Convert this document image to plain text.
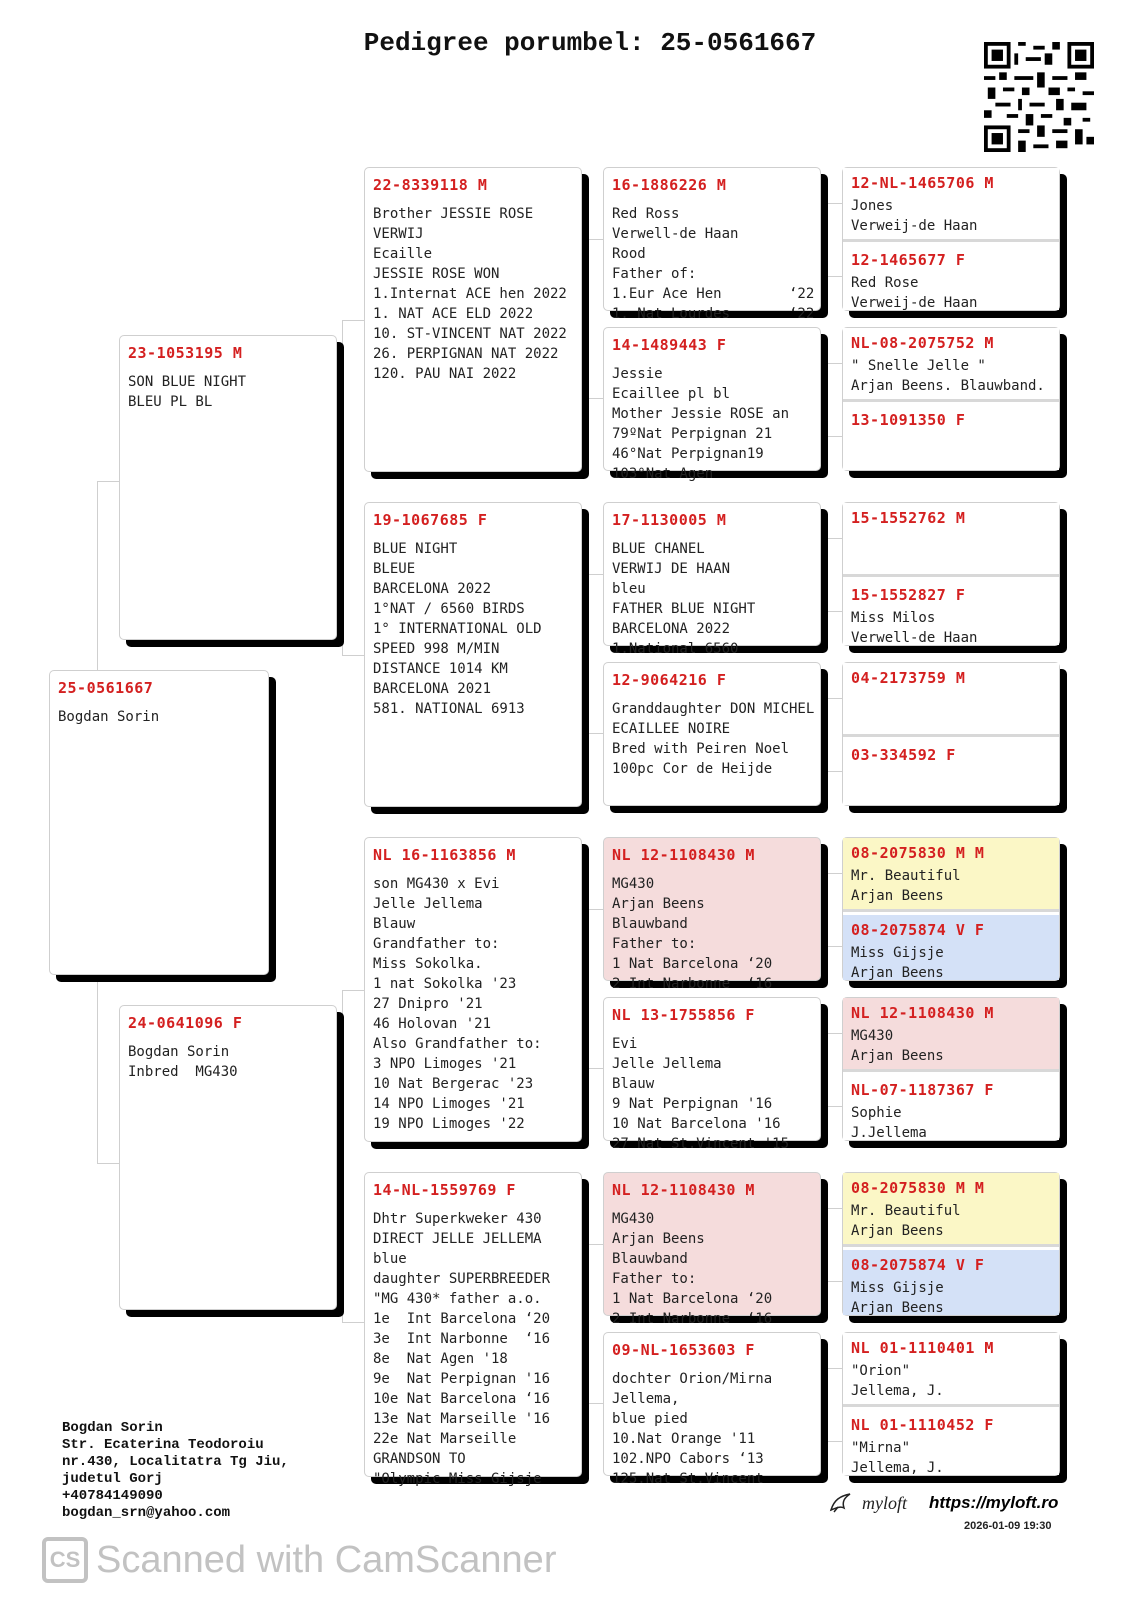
Pedigree porumbel: 25-0561667
25-0561667
Bogdan Sorin
23-1053195 M
SON BLUE NIGHT
BLEU PL BL
24-0641096 F
Bogdan Sorin
Inbred  MG430
22-8339118 M
Brother JESSIE ROSE
VERWIJ
Ecaille
JESSIE ROSE WON
1.Internat ACE hen 2022
1. NAT ACE ELD 2022
10. ST-VINCENT NAT 2022
26. PERPIGNAN NAT 2022
120. PAU NAI 2022
19-1067685 F
BLUE NIGHT
BLEUE
BARCELONA 2022
1°NAT / 6560 BIRDS
1° INTERNATIONAL OLD
SPEED 998 M/MIN
DISTANCE 1014 KM
BARCELONA 2021
581. NATIONAL 6913
NL 16-1163856 M
son MG430 x Evi
Jelle Jellema
Blauw
Grandfather to:
Miss Sokolka.
1 nat Sokolka '23
27 Dnipro '21
46 Holovan '21
Also Grandfather to:
3 NPO Limoges '21
10 Nat Bergerac '23
14 NPO Limoges '21
19 NPO Limoges '22
14-NL-1559769 F
Dhtr Superkweker 430
DIRECT JELLE JELLEMA
blue
daughter SUPERBREEDER
"MG 430* father a.o.
1e  Int Barcelona ‘20
3e  Int Narbonne  ‘16
8e  Nat Agen '18
9e  Nat Perpignan '16
10e Nat Barcelona ‘16
13e Nat Marseille '16
22e Nat Marseille
GRANDSON TO
"Olympic Miss Gijsje
16-1886226 M
Red Ross
Verwell-de Haan
Rood
Father of:
1.Eur Ace Hen        ‘22
1. Nat Lourdes       ‘22
14-1489443 F
Jessie
Ecaillee pl bl
Mother Jessie ROSE an
79ºNat Perpignan 21
46°Nat Perpignan19
103°Nat Agen
17-1130005 M
BLUE CHANEL
VERWIJ DE HAAN
bleu
FATHER BLUE NIGHT
BARCELONA 2022
1.National 6560
12-9064216 F
Granddaughter DON MICHEL
ECAILLEE NOIRE
Bred with Peiren Noel
100pc Cor de Heijde
NL 12-1108430 M
MG430
Arjan Beens
Blauwband
Father to:
1 Nat Barcelona ‘20
2 Int Narbonne  ‘16
NL 13-1755856 F
Evi
Jelle Jellema
Blauw
9 Nat Perpignan '16
10 Nat Barcelona '16
27 Nat St.Vincent '15
NL 12-1108430 M
MG430
Arjan Beens
Blauwband
Father to:
1 Nat Barcelona ‘20
2 Int Narbonne  ‘16
09-NL-1653603 F
dochter Orion/Mirna
Jellema,
blue pied
10.Nat Orange '11
102.NPO Cabors ‘13
125.Nat St.Vincent
12-NL-1465706 M
Jones
Verweij-de Haan
12-1465677 F
Red Rose
Verweij-de Haan
NL-08-2075752 M
" Snelle Jelle "
Arjan Beens. Blauwband.
13-1091350 F
15-1552762 M
15-1552827 F
Miss Milos
Verwell-de Haan
04-2173759 M
03-334592 F
08-2075830 M M
Mr. Beautiful
Arjan Beens
08-2075874 V F
Miss Gijsje
Arjan Beens
NL 12-1108430 M
MG430
Arjan Beens
NL-07-1187367 F
Sophie
J.Jellema
08-2075830 M M
Mr. Beautiful
Arjan Beens
08-2075874 V F
Miss Gijsje
Arjan Beens
NL 01-1110401 M
"Orion"
Jellema, J.
NL 01-1110452 F
"Mirna"
Jellema, J.
Bogdan Sorin
Str. Ecaterina Teodoroiu
nr.430, Localitatra Tg Jiu,
judetul Gorj
+40784149090
bogdan_srn@yahoo.com
CS Scanned with CamScanner
myloft https://myloft.ro
2026-01-09 19:30
